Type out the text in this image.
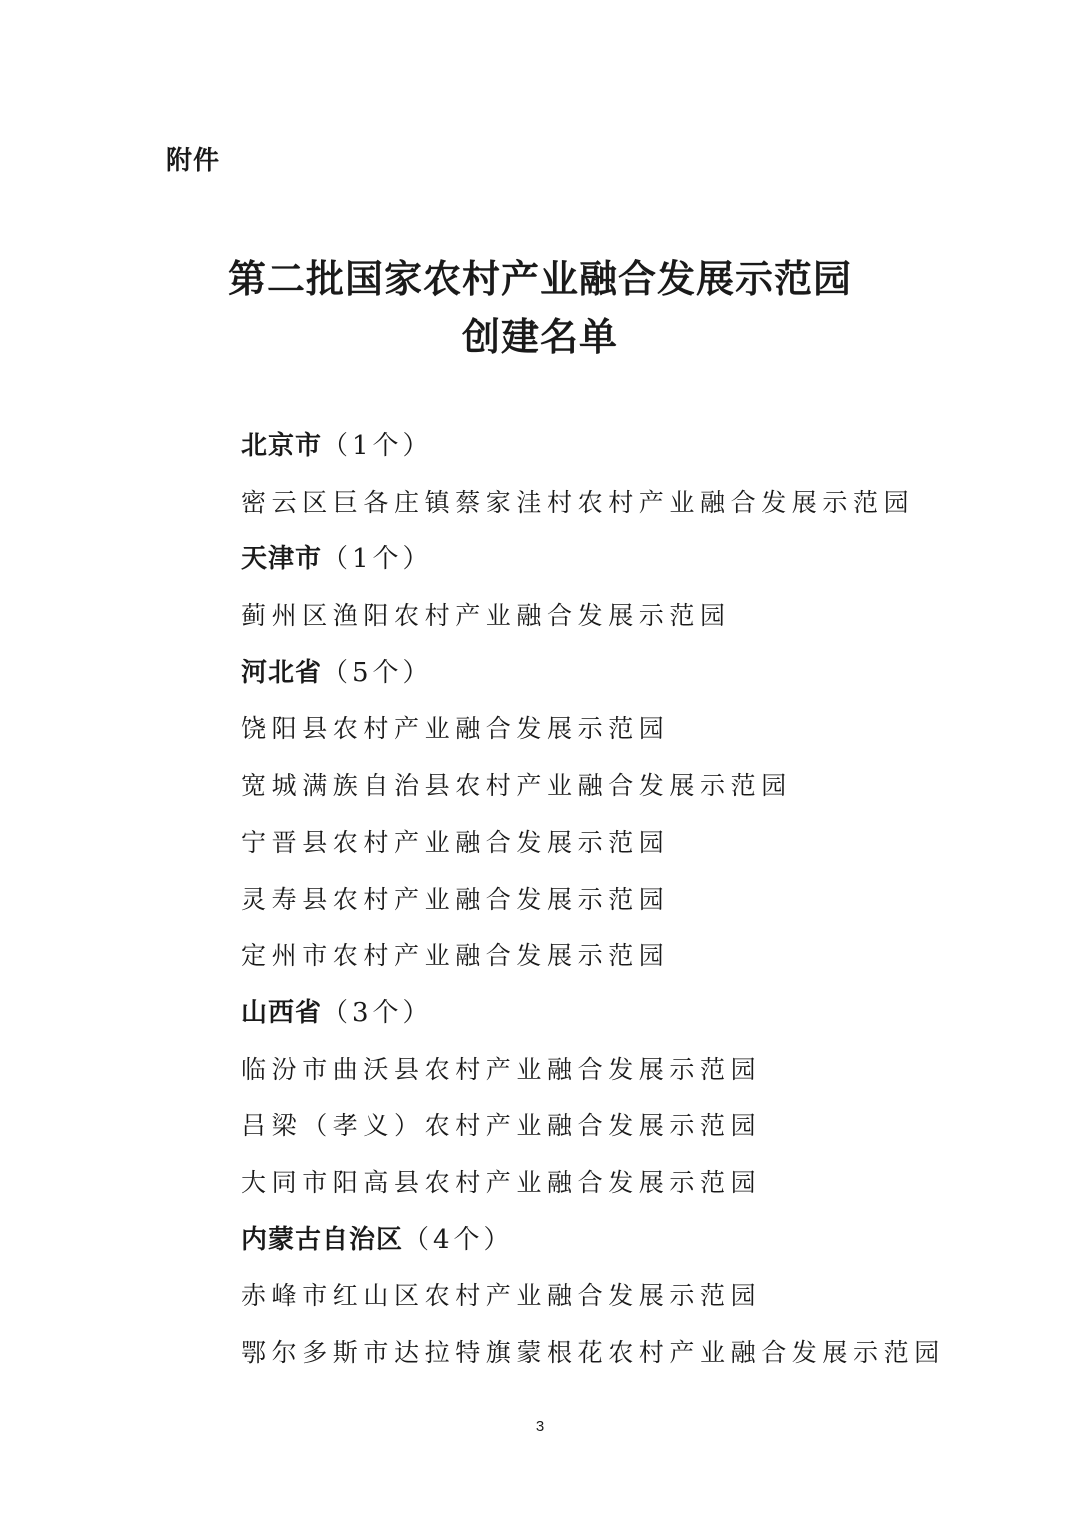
附件
第二批国家农村产业融合发展示范园
创建名单
北京市（1个）
密云区巨各庄镇蔡家洼村农村产业融合发展示范园
天津市（1个）
蓟州区渔阳农村产业融合发展示范园
河北省（5个）
饶阳县农村产业融合发展示范园
宽城满族自治县农村产业融合发展示范园
宁晋县农村产业融合发展示范园
灵寿县农村产业融合发展示范园
定州市农村产业融合发展示范园
山西省（3个）
临汾市曲沃县农村产业融合发展示范园
吕梁（孝义）农村产业融合发展示范园
大同市阳高县农村产业融合发展示范园
内蒙古自治区（4个）
赤峰市红山区农村产业融合发展示范园
鄂尔多斯市达拉特旗蒙根花农村产业融合发展示范园
3
